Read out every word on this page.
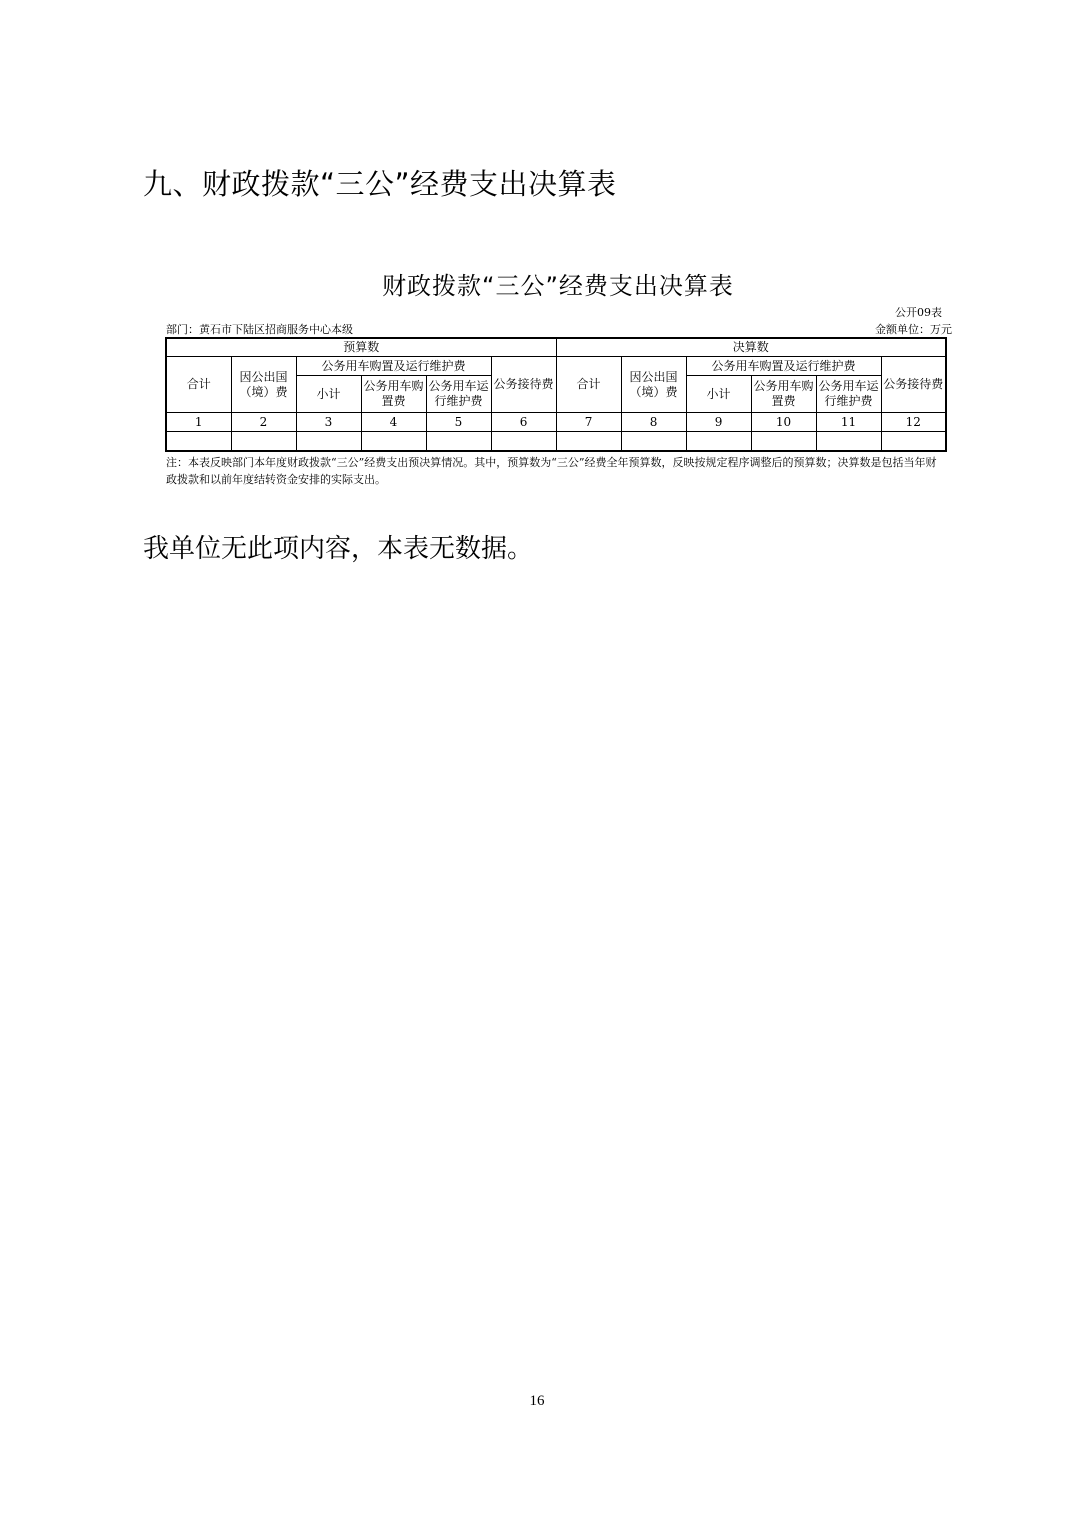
九、财政拨款“三公”经费支出决算表
财政拨款“三公”经费支出决算表
公开09表
部门：黄石市下陆区招商服务中心本级	金额单位：万元
预算数						决算数					
合计	因公出国（境）费	公务用车购置及运行维护费			公务接待费	合计	因公出国（境）费	公务用车购置及运行维护费			公务接待费
		小计	公务用车购置费	公务用车运行维护费				小计	公务用车购置费	公务用车运行维护费	
1	2	3	4	5	6	7	8	9	10	11	12

注：本表反映部门本年度财政拨款“三公”经费支出预决算情况。其中，预算数为“三公”经费全年预算数，反映按规定程序调整后的预算数；决算数是包括当年财政拨款和以前年度结转资金安排的实际支出。

我单位无此项内容，本表无数据。

16
